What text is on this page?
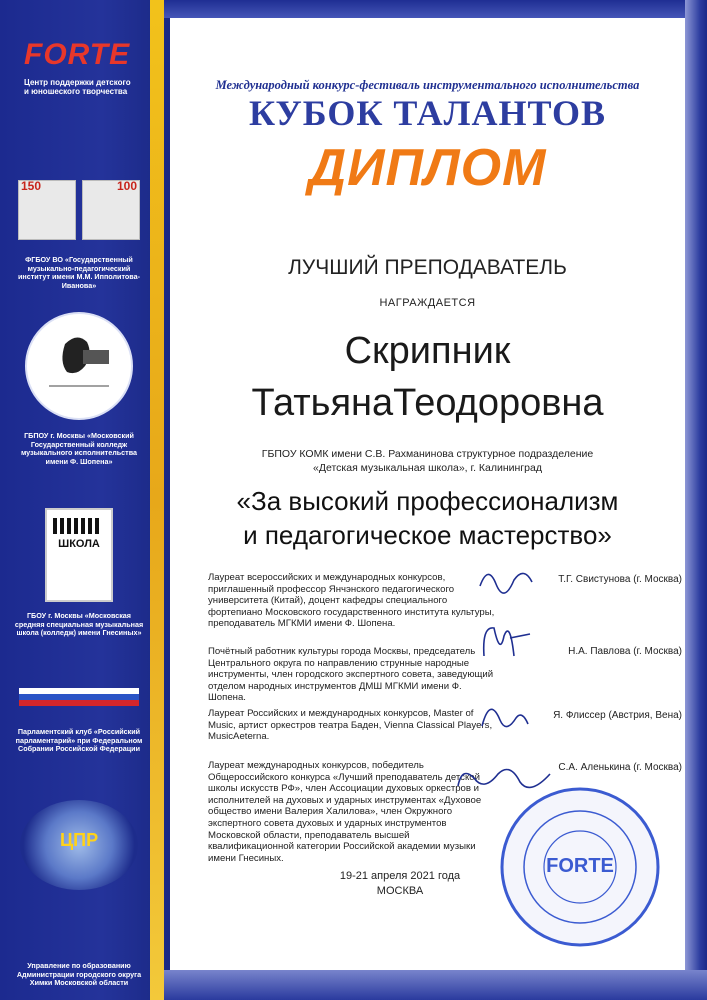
FORTE
Центр поддержки детского и юношеского творчества
150	100
ФГБОУ ВО «Государственный музыкально-педагогический институт имени М.М. Ипполитова-Иванова»
ГБПОУ г. Москвы «Московский Государственный колледж музыкального исполнительства имени Ф. Шопена»
ШКОЛА
ГБОУ г. Москвы «Московская средняя специальная музыкальная школа (колледж) имени Гнесиных»
Парламентский клуб «Российский парламентарий» при Федеральном Собрании Российской Федерации
ЦПР
Управление по образованию Администрации городского округа Химки Московской области
Международный конкурс-фестиваль инструментального исполнительства
КУБОК ТАЛАНТОВ
ДИПЛОМ
ЛУЧШИЙ ПРЕПОДАВАТЕЛЬ
НАГРАЖДАЕТСЯ
Скрипник
ТатьянаТеодоровна
ГБПОУ КОМК имени С.В. Рахманинова структурное подразделение
«Детская музыкальная школа», г. Калининград
«За высокий профессионализм
и педагогическое мастерство»
Лауреат всероссийских и международных конкурсов, приглашенный профессор Янчэнского педагогического университета (Китай), доцент кафедры специального фортепиано Московского государственного института культуры, преподаватель МГКМИ имени Ф. Шопена.
Т.Г. Свистунова (г. Москва)
Почётный работник культуры города Москвы, председатель Центрального округа по направлению струнные народные инструменты, член городского экспертного совета, заведующий отделом народных инструментов ДМШ МГКМИ имени Ф. Шопена.
Н.А. Павлова (г. Москва)
Лауреат Российских и международных конкурсов, Master of Music, артист оркестров театра Баден, Vienna Classical Players, MusicAeterna.
Я. Флиссер (Австрия, Вена)
Лауреат международных конкурсов, победитель Общероссийского конкурса «Лучший преподаватель детской школы искусств РФ», член Ассоциации духовых оркестров и исполнителей на духовых и ударных инструментах «Духовое общество имени Валерия Халилова», член Окружного экспертного совета духовых и ударных инструментов Московской области, преподаватель высшей квалификационной категории Российской академии музыки имени Гнесиных.
С.А. Аленькина (г. Москва)
19-21 апреля 2021 года
МОСКВА
FORTE
